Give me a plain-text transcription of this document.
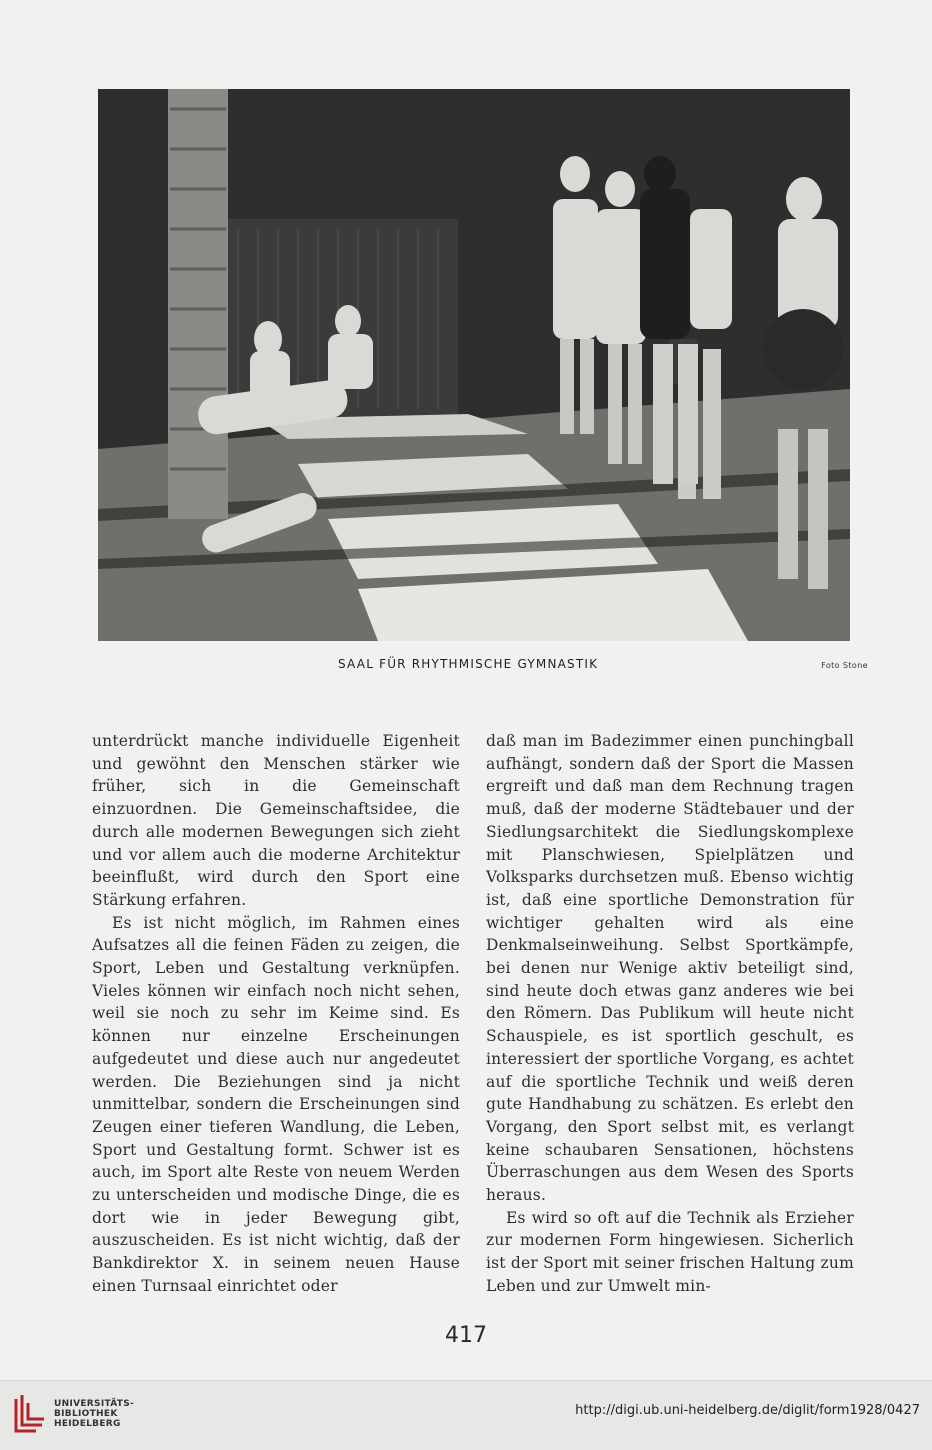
SAAL FÜR RHYTHMISCHE GYMNASTIK	Foto Stone

unterdrückt manche individuelle Eigenheit und gewöhnt den Menschen stärker wie früher, sich in die Gemeinschaft einzuordnen. Die Gemeinschaftsidee, die durch alle modernen Bewegungen sich zieht und vor allem auch die moderne Architektur beeinflußt, wird durch den Sport eine Stärkung erfahren.

Es ist nicht möglich, im Rahmen eines Aufsatzes all die feinen Fäden zu zeigen, die Sport, Leben und Gestaltung verknüpfen. Vieles können wir einfach noch nicht sehen, weil sie noch zu sehr im Keime sind. Es können nur einzelne Erscheinungen aufgedeutet und diese auch nur angedeutet werden. Die Beziehungen sind ja nicht unmittelbar, sondern die Erscheinungen sind Zeugen einer tieferen Wandlung, die Leben, Sport und Gestaltung formt. Schwer ist es auch, im Sport alte Reste von neuem Werden zu unterscheiden und modische Dinge, die es dort wie in jeder Bewegung gibt, auszuscheiden. Es ist nicht wichtig, daß der Bankdirektor X. in seinem neuen Hause einen Turnsaal einrichtet oder

daß man im Badezimmer einen punchingball aufhängt, sondern daß der Sport die Massen ergreift und daß man dem Rechnung tragen muß, daß der moderne Städtebauer und der Siedlungsarchitekt die Siedlungskomplexe mit Planschwiesen, Spielplätzen und Volksparks durchsetzen muß. Ebenso wichtig ist, daß eine sportliche Demonstration für wichtiger gehalten wird als eine Denkmalseinweihung. Selbst Sportkämpfe, bei denen nur Wenige aktiv beteiligt sind, sind heute doch etwas ganz anderes wie bei den Römern. Das Publikum will heute nicht Schauspiele, es ist sportlich geschult, es interessiert der sportliche Vorgang, es achtet auf die sportliche Technik und weiß deren gute Handhabung zu schätzen. Es erlebt den Vorgang, den Sport selbst mit, es verlangt keine schaubaren Sensationen, höchstens Überraschungen aus dem Wesen des Sports heraus.

Es wird so oft auf die Technik als Erzieher zur modernen Form hingewiesen. Sicherlich ist der Sport mit seiner frischen Haltung zum Leben und zur Umwelt min-

417
UNIVERSITÄTS-
BIBLIOTHEK
HEIDELBERG
http://digi.ub.uni-heidelberg.de/diglit/form1928/0427
